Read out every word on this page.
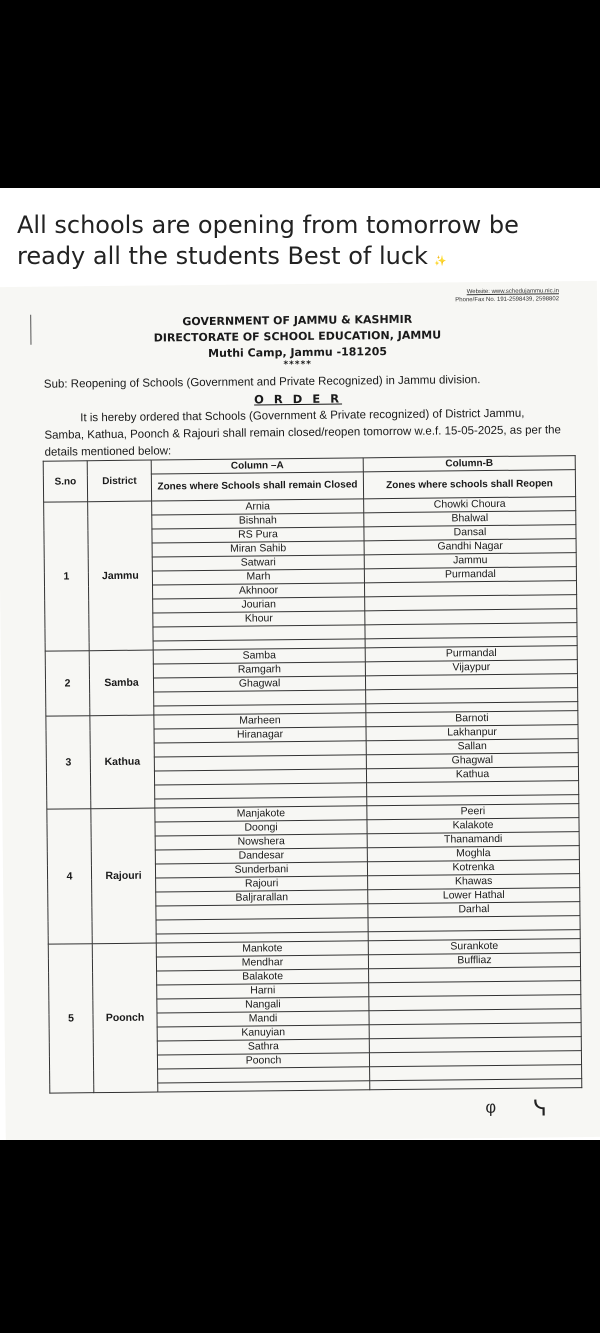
All schools are opening from tomorrow be ready all the students Best of luck ✨
Website: www.schedujammu.nic.in
Phone/Fax No. 191-2598439, 2598802
GOVERNMENT OF JAMMU & KASHMIR
DIRECTORATE OF SCHOOL EDUCATION, JAMMU
Muthi Camp, Jammu -181205
*****
Sub: Reopening of Schools (Government and Private Recognized) in Jammu division.
O R D E R
It is hereby ordered that Schools (Government & Private recognized) of District Jammu, Samba, Kathua, Poonch & Rajouri shall remain closed/reopen tomorrow w.e.f. 15-05-2025, as per the details mentioned below:
S.no	District	Column –A	Column-B
		Zones where Schools shall remain Closed	Zones where schools shall Reopen
1	Jammu	Arnia	Chowki Choura
		Bishnah	Bhalwal
		RS Pura	Dansal
		Miran Sahib	Gandhi Nagar
		Satwari	Jammu
		Marh	Purmandal
		Akhnoor	
		Jourian	
		Khour	

2	Samba	Samba	Purmandal
		Ramgarh	Vijaypur
		Ghagwal	

3	Kathua	Marheen	Barnoti
		Hiranagar	Lakhanpur
			Sallan
			Ghagwal
			Kathua

4	Rajouri	Manjakote	Peeri
		Doongi	Kalakote
		Nowshera	Thanamandi
		Dandesar	Moghla
		Sunderbani	Kotrenka
		Rajouri	Khawas
		Baljrarallan	Lower Hathal
			Darhal

5	Poonch	Mankote	Surankote
		Mendhar	Buffliaz
		Balakote	
		Harni	
		Nangali	
		Mandi	
		Kanuyian	
		Sathra	
		Poonch	

ᵩ ᓭ
